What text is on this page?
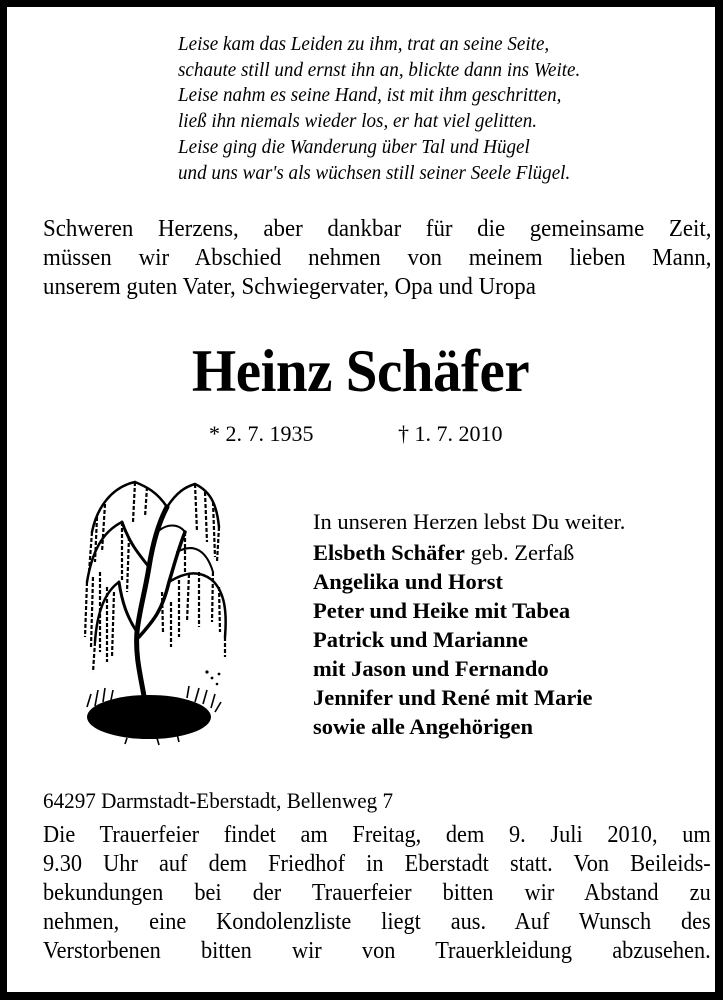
Leise kam das Leiden zu ihm, trat an seine Seite,
schaute still und ernst ihn an, blickte dann ins Weite.
Leise nahm es seine Hand, ist mit ihm geschritten,
ließ ihn niemals wieder los, er hat viel gelitten.
Leise ging die Wanderung über Tal und Hügel
und uns war's als wüchsen still seiner Seele Flügel.
Schweren Herzens, aber dankbar für die gemeinsame Zeit,
müssen wir Abschied nehmen von meinem lieben Mann,
unserem guten Vater, Schwiegervater, Opa und Uropa
Heinz Schäfer
* 2. 7. 1935	† 1. 7. 2010
In unseren Herzen lebst Du weiter.
Elsbeth Schäfer geb. Zerfaß
Angelika und Horst
Peter und Heike mit Tabea
Patrick und Marianne
mit Jason und Fernando
Jennifer und René mit Marie
sowie alle Angehörigen
64297 Darmstadt-Eberstadt, Bellenweg 7
Die Trauerfeier findet am Freitag, dem 9. Juli 2010, um
9.30 Uhr auf dem Friedhof in Eberstadt statt. Von Beileids-
bekundungen bei der Trauerfeier bitten wir Abstand zu
nehmen, eine Kondolenzliste liegt aus. Auf Wunsch des
Verstorbenen bitten wir von Trauerkleidung abzusehen.
